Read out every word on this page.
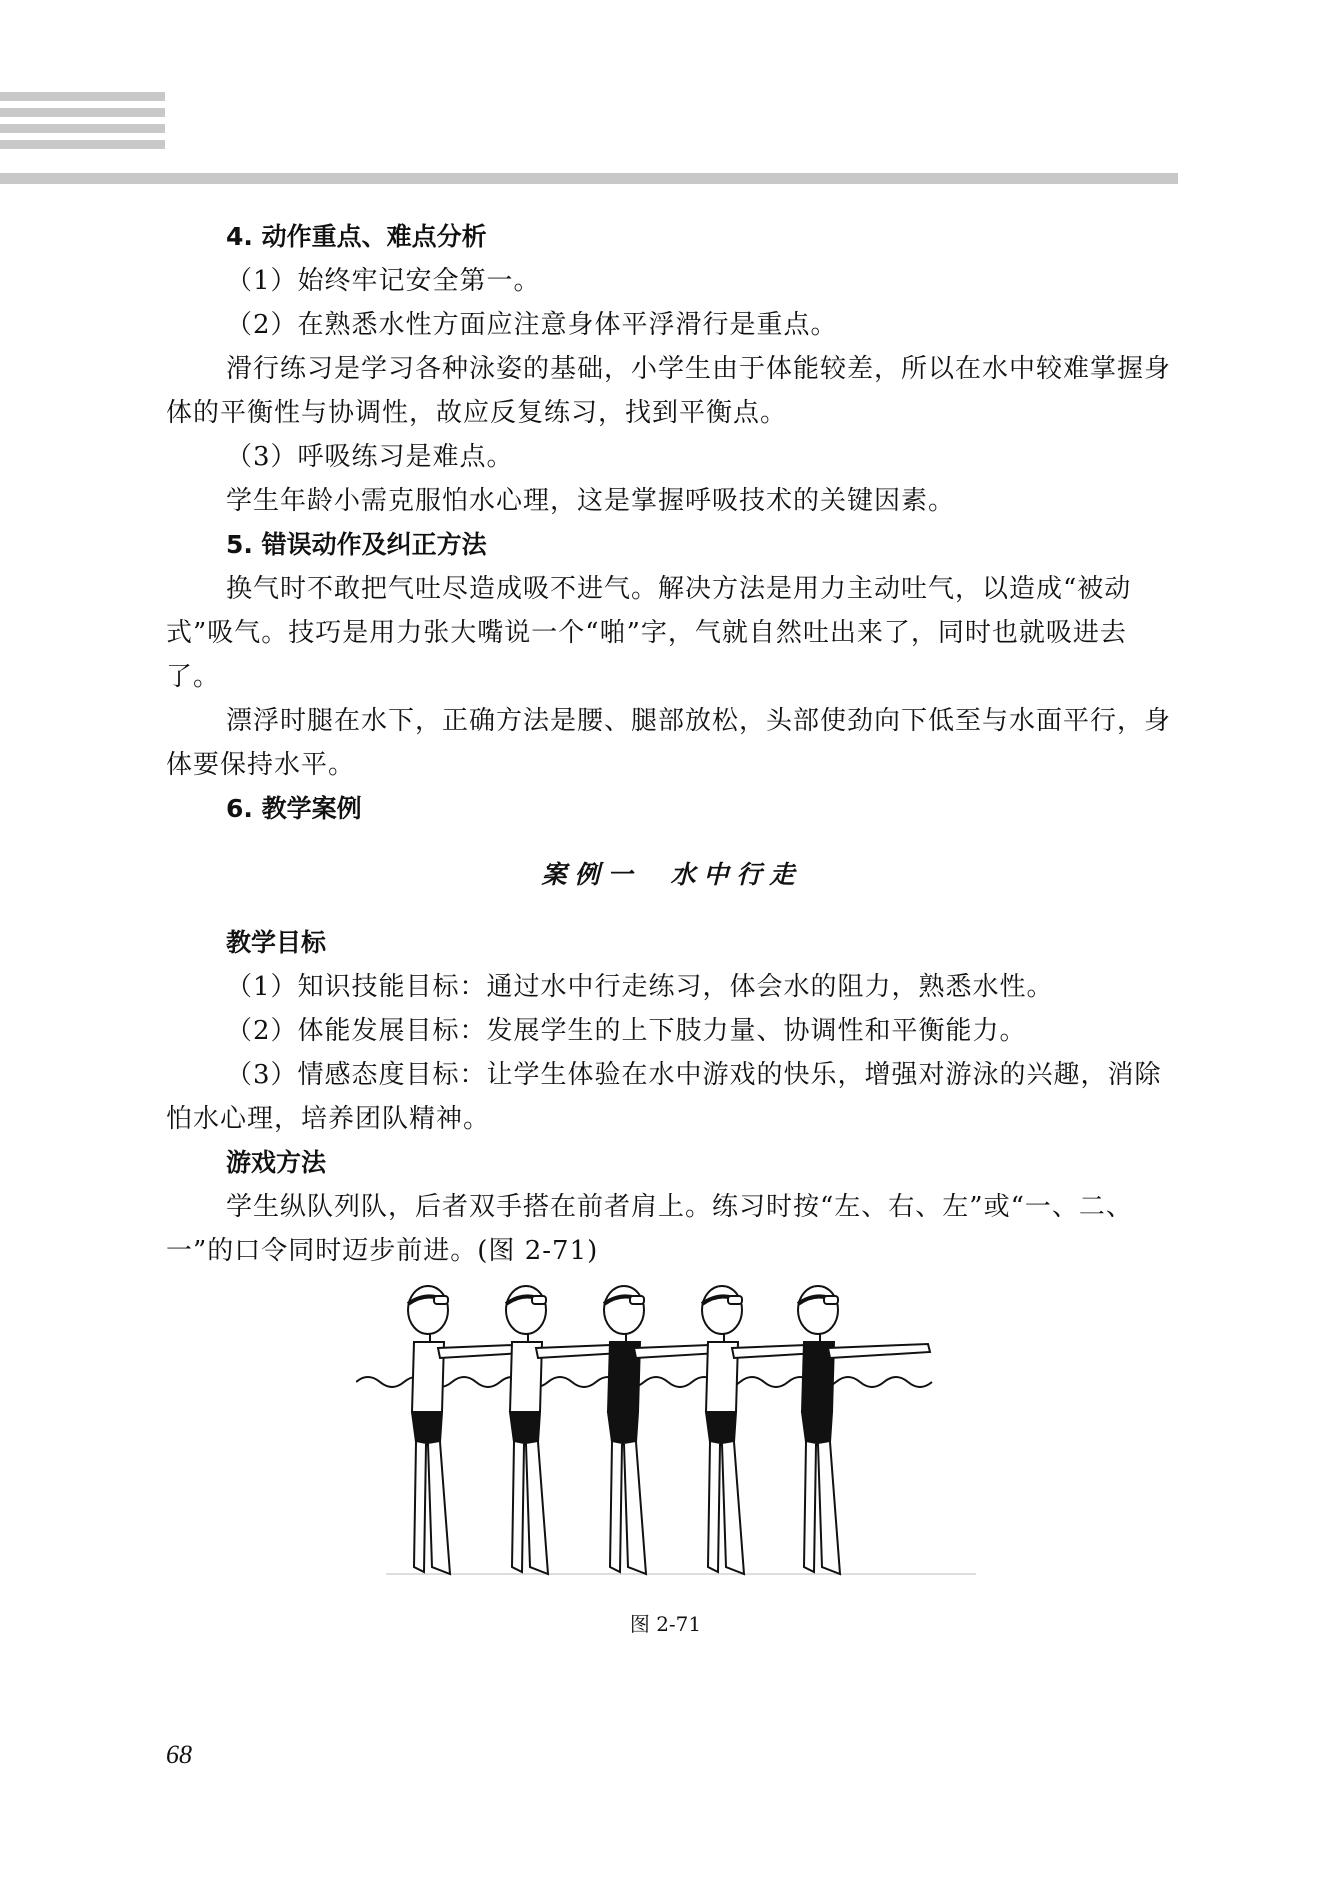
4. 动作重点、难点分析

（1）始终牢记安全第一。

（2）在熟悉水性方面应注意身体平浮滑行是重点。

滑行练习是学习各种泳姿的基础，小学生由于体能较差，所以在水中较难掌握身体的平衡性与协调性，故应反复练习，找到平衡点。

（3）呼吸练习是难点。

学生年龄小需克服怕水心理，这是掌握呼吸技术的关键因素。

5. 错误动作及纠正方法

换气时不敢把气吐尽造成吸不进气。解决方法是用力主动吐气，以造成“被动式”吸气。技巧是用力张大嘴说一个“啪”字，气就自然吐出来了，同时也就吸进去了。

漂浮时腿在水下，正确方法是腰、腿部放松，头部使劲向下低至与水面平行，身体要保持水平。

6. 教学案例

案例一 水中行走

教学目标

（1）知识技能目标：通过水中行走练习，体会水的阻力，熟悉水性。

（2）体能发展目标：发展学生的上下肢力量、协调性和平衡能力。

（3）情感态度目标：让学生体验在水中游戏的快乐，增强对游泳的兴趣，消除怕水心理，培养团队精神。

游戏方法

学生纵队列队，后者双手搭在前者肩上。练习时按“左、右、左”或“一、二、一”的口令同时迈步前进。(图 2-71)

图 2-71
68
